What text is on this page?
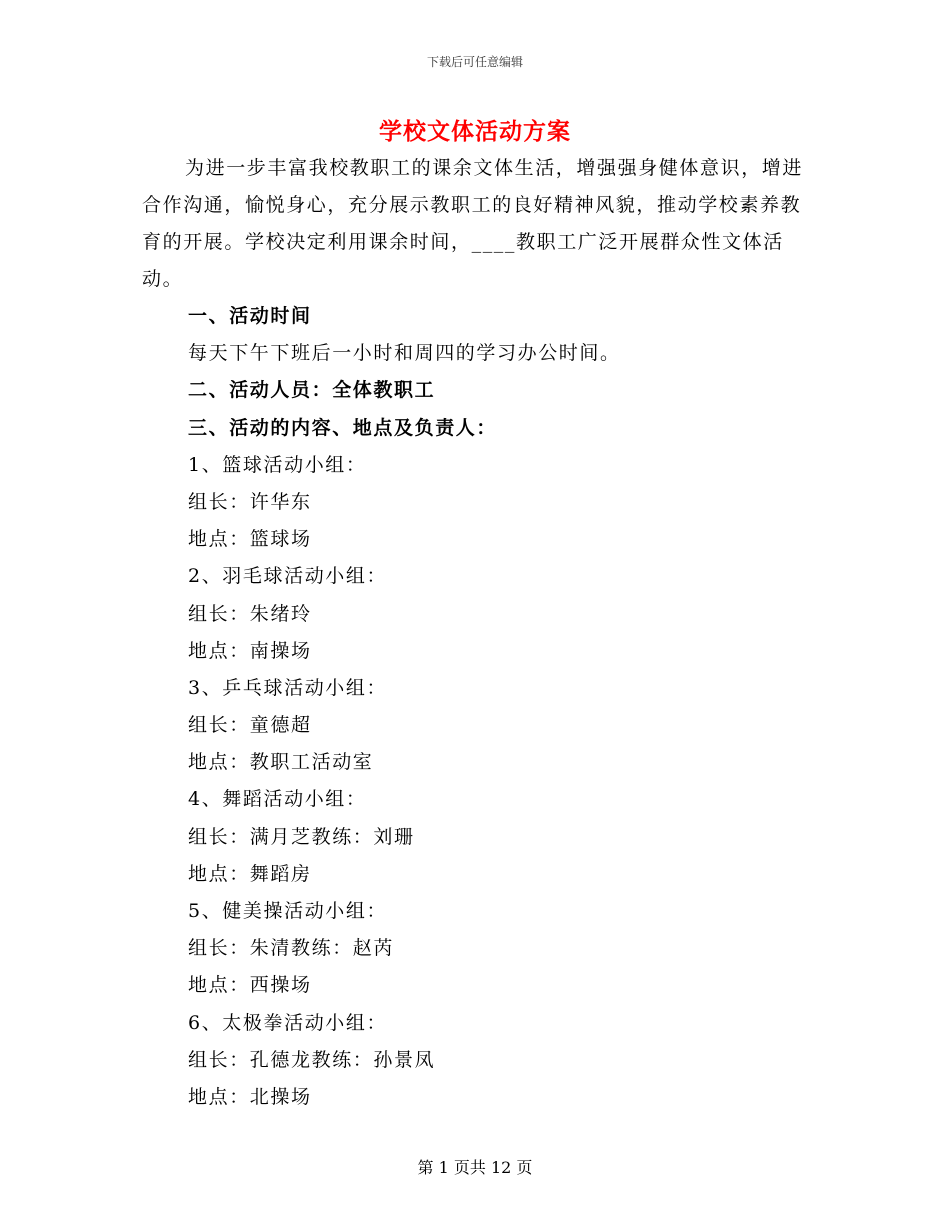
下载后可任意编辑
学校文体活动方案

为进一步丰富我校教职工的课余文体生活，增强强身健体意识，增进合作沟通，愉悦身心，充分展示教职工的良好精神风貌，推动学校素养教育的开展。学校决定利用课余时间，____教职工广泛开展群众性文体活动。

一、活动时间
每天下午下班后一小时和周四的学习办公时间。
二、活动人员：全体教职工
三、活动的内容、地点及负责人：
1、篮球活动小组：
组长：许华东
地点：篮球场
2、羽毛球活动小组：
组长：朱绪玲
地点：南操场
3、乒乓球活动小组：
组长：童德超
地点：教职工活动室
4、舞蹈活动小组：
组长：满月芝教练：刘珊
地点：舞蹈房
5、健美操活动小组：
组长：朱清教练：赵芮
地点：西操场
6、太极拳活动小组：
组长：孔德龙教练：孙景凤
地点：北操场
第 1 页共 12 页
